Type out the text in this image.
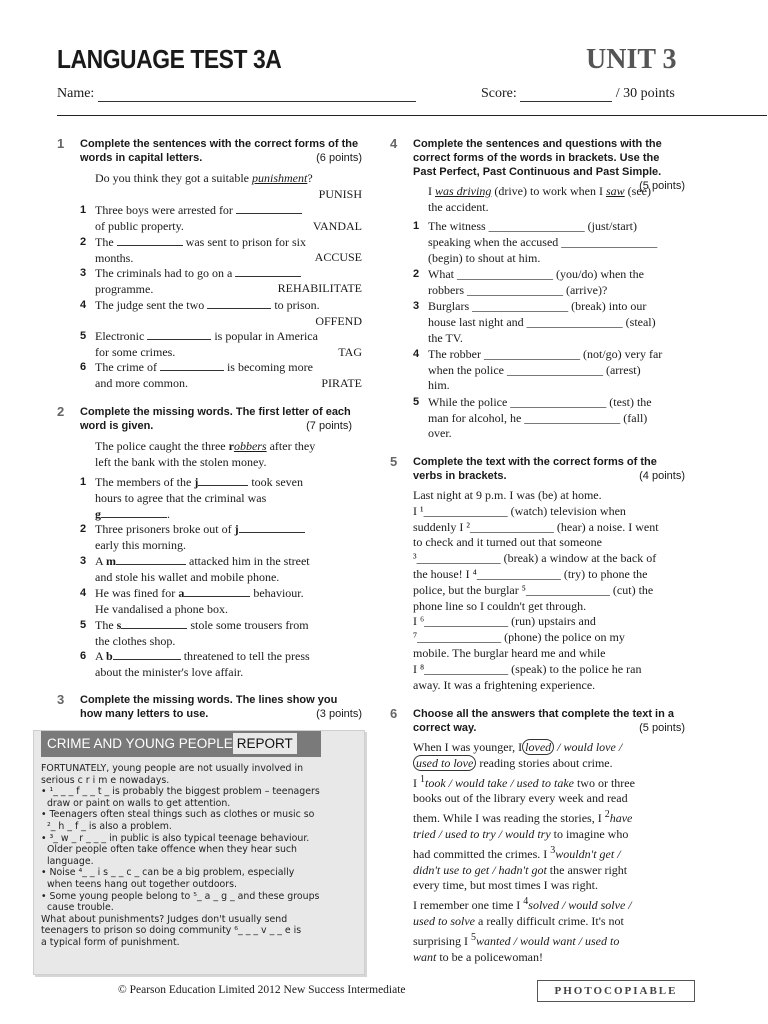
LANGUAGE TEST 3A	UNIT 3
Name:	Score:	/ 30 points
1 Complete the sentences with the correct forms of the words in capital letters.	(6 points)
Do you think they got a suitable punishment?
PUNISH
1 Three boys were arrested for
of public property.	VANDAL
2 The	was sent to prison for six
months.	ACCUSE
3 The criminals had to go on a
programme.	REHABILITATE
4 The judge sent the two	to prison.
OFFEND
5 Electronic	is popular in America
for some crimes.	TAG
6 The crime of	is becoming more
and more common.	PIRATE
2 Complete the missing words. The first letter of each word is given.	(7 points)
The police caught the three robbers after they
left the bank with the stolen money.
1 The members of the j	took seven
hours to agree that the criminal was
g	.
2 Three prisoners broke out of j
early this morning.
3 A m	attacked him in the street
and stole his wallet and mobile phone.
4 He was fined for a	behaviour.
He vandalised a phone box.
5 The s	stole some trousers from
the clothes shop.
6 A b	threatened to tell the press
about the minister's love affair.
3 Complete the missing words. The lines show you how many letters to use.	(3 points)
CRIME AND YOUNG PEOPLE REPORT
FORTUNATELY, young people are not usually involved in
serious c r i m e nowadays.
• ¹_ _ _ f _ _ t _ is probably the biggest problem – teenagers
draw or paint on walls to get attention.
• Teenagers often steal things such as clothes or music so
²_ h _ f _ is also a problem.
• ³_ w _ r _ _ _ in public is also typical teenage behaviour.
Older people often take offence when they hear such
language.
• Noise ⁴_ _ i s _ _ c _ can be a big problem, especially
when teens hang out together outdoors.
• Some young people belong to ⁵_ a _ g _ and these groups
cause trouble.
What about punishments? Judges don't usually send
teenagers to prison so doing community ⁶_ _ _ v _ _ e is
a typical form of punishment.
4 Complete the sentences and questions with the correct forms of the words in brackets. Use the Past Perfect, Past Continuous and Past Simple.
(5 points)
I was driving (drive) to work when I saw (see)
the accident.
1 The witness ________________ (just/start)
speaking when the accused ________________
(begin) to shout at him.
2 What ________________ (you/do) when the
robbers ________________ (arrive)?
3 Burglars ________________ (break) into our
house last night and ________________ (steal)
the TV.
4 The robber ________________ (not/go) very far
when the police ________________ (arrest)
him.
5 While the police ________________ (test) the
man for alcohol, he ________________ (fall)
over.
5 Complete the text with the correct forms of the verbs in brackets.	(4 points)
Last night at 9 p.m. I was (be) at home.
I ¹______________ (watch) television when
suddenly I ²______________ (hear) a noise. I went
to check and it turned out that someone
³______________ (break) a window at the back of
the house! I ⁴______________ (try) to phone the
police, but the burglar ⁵______________ (cut) the
phone line so I couldn't get through.
I ⁶______________ (run) upstairs and
⁷______________ (phone) the police on my
mobile. The burglar heard me and while
I ⁸______________ (speak) to the police he ran
away. It was a frightening experience.
6 Choose all the answers that complete the text in a correct way.	(5 points)
When I was younger, I loved / would love /
used to love reading stories about crime.
I $^1$took / would take / used to take two or three
books out of the library every week and read
them. While I was reading the stories, I $^2$have
tried / used to try / would try to imagine who
had committed the crimes. I $^3$wouldn't get /
didn't use to get / hadn't got the answer right
every time, but most times I was right.
I remember one time I $^4$solved / would solve /
used to solve a really difficult crime. It's not
surprising I $^5$wanted / would want / used to
want to be a policewoman!
© Pearson Education Limited 2012 New Success Intermediate	PHOTOCOPIABLE
